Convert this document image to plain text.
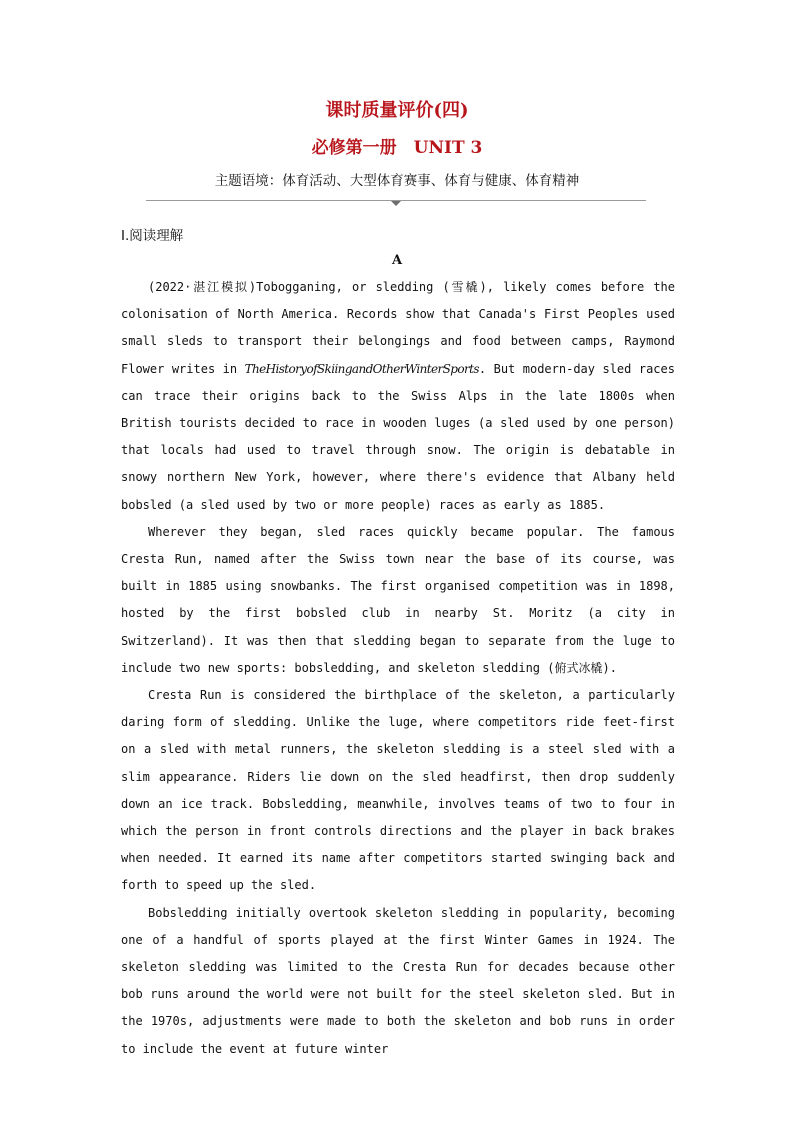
课时质量评价(四)
必修第一册　UNIT 3
主题语境：体育活动、大型体育赛事、体育与健康、体育精神
Ⅰ.阅读理解
A

(2022·湛江模拟)Tobogganing, or sledding (雪橇), likely comes before the colonisation of North America. Records show that Canada's First Peoples used small sleds to transport their belongings and food between camps, Raymond Flower writes in TheHistoryofSkiingandOtherWinterSports. But modern-day sled races can trace their origins back to the Swiss Alps in the late 1800s when British tourists decided to race in wooden luges (a sled used by one person) that locals had used to travel through snow. The origin is debatable in snowy northern New York, however, where there's evidence that Albany held bobsled (a sled used by two or more people) races as early as 1885.

Wherever they began, sled races quickly became popular. The famous Cresta Run, named after the Swiss town near the base of its course, was built in 1885 using snowbanks. The first organised competition was in 1898, hosted by the first bobsled club in nearby St. Moritz (a city in Switzerland). It was then that sledding began to separate from the luge to include two new sports: bobsledding, and skeleton sledding (俯式冰橇).

Cresta Run is considered the birthplace of the skeleton, a particularly daring form of sledding. Unlike the luge, where competitors ride feet-first on a sled with metal runners, the skeleton sledding is a steel sled with a slim appearance. Riders lie down on the sled headfirst, then drop suddenly down an ice track. Bobsledding, meanwhile, involves teams of two to four in which the person in front controls directions and the player in back brakes when needed. It earned its name after competitors started swinging back and forth to speed up the sled.

Bobsledding initially overtook skeleton sledding in popularity, becoming one of a handful of sports played at the first Winter Games in 1924. The skeleton sledding was limited to the Cresta Run for decades because other bob runs around the world were not built for the steel skeleton sled. But in the 1970s, adjustments were made to both the skeleton and bob runs in order to include the event at future winter
